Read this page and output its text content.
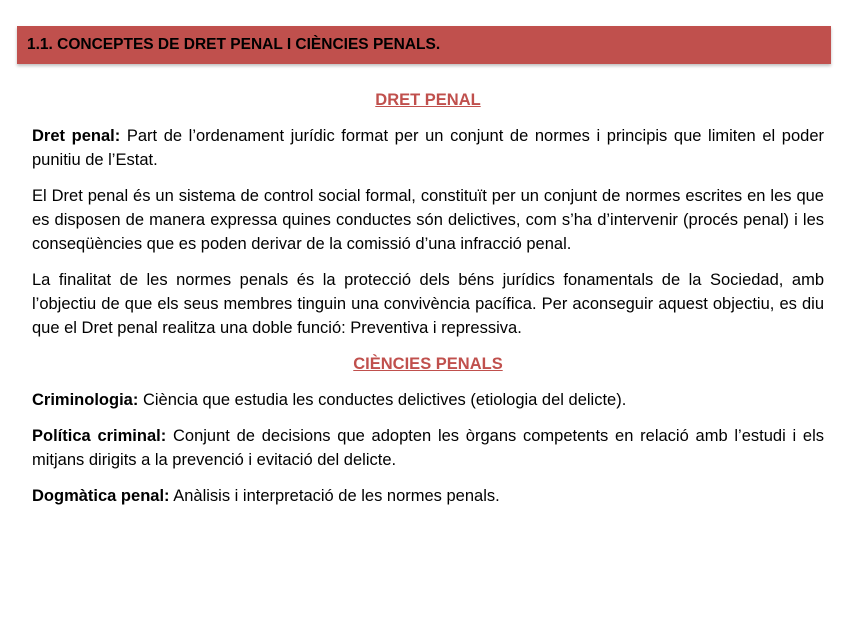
1.1. CONCEPTES DE DRET PENAL I CIÈNCIES PENALS.
DRET PENAL

Dret penal: Part de l’ordenament jurídic format per un conjunt de normes i principis que limiten el poder punitiu de l’Estat.

El Dret penal és un sistema de control social formal, constituït per un conjunt de normes escrites en les que es disposen de manera expressa quines conductes són delictives, com s’ha d’intervenir (procés penal) i les conseqüències que es poden derivar de la comissió d’una infracció penal.

La finalitat de les normes penals és la protecció dels béns jurídics fonamentals de la Sociedad, amb l’objectiu de que els seus membres tinguin una convivència pacífica. Per aconseguir aquest objectiu, es diu que el Dret penal realitza una doble funció: Preventiva i repressiva.

CIÈNCIES PENALS

Criminologia: Ciència que estudia les conductes delictives (etiologia del delicte).

Política criminal: Conjunt de decisions que adopten les òrgans competents en relació amb l’estudi i els mitjans dirigits a la prevenció i evitació del delicte.

Dogmàtica penal: Anàlisis i interpretació de les normes penals.
